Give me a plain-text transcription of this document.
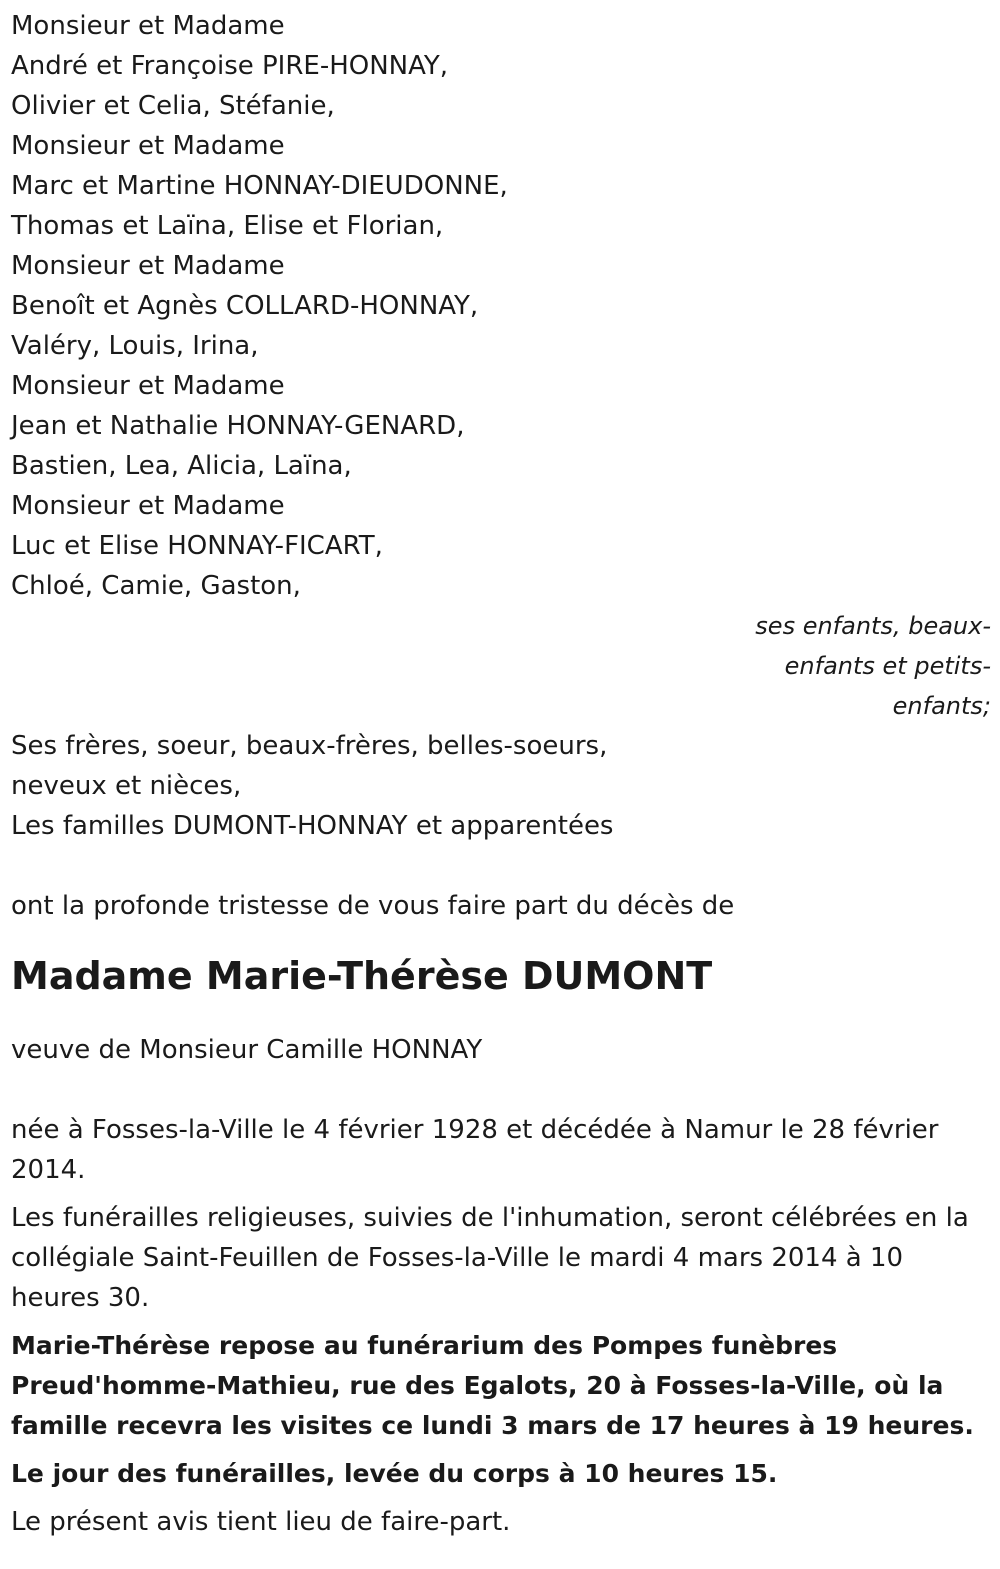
Monsieur et Madame
André et Françoise PIRE-HONNAY,
Olivier et Celia, Stéfanie,
Monsieur et Madame
Marc et Martine HONNAY-DIEUDONNE,
Thomas et Laïna, Elise et Florian,
Monsieur et Madame
Benoît et Agnès COLLARD-HONNAY,
Valéry, Louis, Irina,
Monsieur et Madame
Jean et Nathalie HONNAY-GENARD,
Bastien, Lea, Alicia, Laïna,
Monsieur et Madame
Luc et Elise HONNAY-FICART,
Chloé, Camie, Gaston,
ses enfants, beaux-
enfants et petits-
enfants;
Ses frères, soeur, beaux-frères, belles-soeurs,
neveux et nièces,
Les familles DUMONT-HONNAY et apparentées
ont la profonde tristesse de vous faire part du décès de
Madame Marie-Thérèse DUMONT
veuve de Monsieur Camille HONNAY
née à Fosses-la-Ville le 4 février 1928 et décédée à Namur le 28 février 2014.
Les funérailles religieuses, suivies de l'inhumation, seront célébrées en la collégiale Saint-Feuillen de Fosses-la-Ville le mardi 4 mars 2014 à 10 heures 30.
Marie-Thérèse repose au funérarium des Pompes funèbres Preud'homme-Mathieu, rue des Egalots, 20 à Fosses-la-Ville, où la famille recevra les visites ce lundi 3 mars de 17 heures à 19 heures.
Le jour des funérailles, levée du corps à 10 heures 15.
Le présent avis tient lieu de faire-part.
